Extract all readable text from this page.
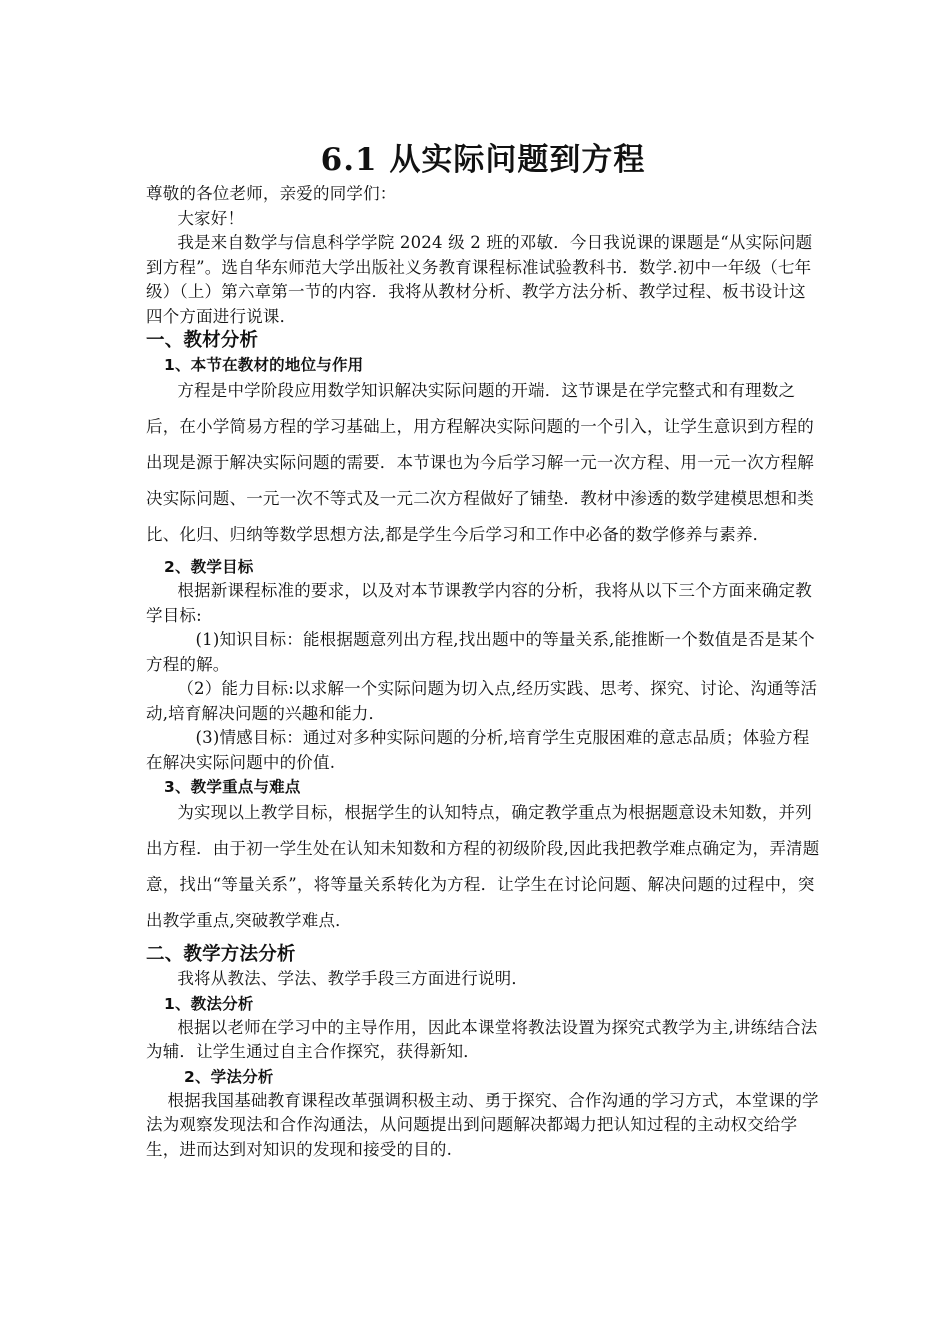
6.1 从实际问题到方程

尊敬的各位老师，亲爱的同学们：

大家好！

我是来自数学与信息科学学院 2024 级 2 班的邓敏．今日我说课的课题是“从实际问题到方程”。选自华东师范大学出版社义务教育课程标准试验教科书．数学.初中一年级（七年级）（上）第六章第一节的内容．我将从教材分析、教学方法分析、教学过程、板书设计这四个方面进行说课．

一、教材分析
1、本节在教材的地位与作用

方程是中学阶段应用数学知识解决实际问题的开端．这节课是在学完整式和有理数之后，在小学简易方程的学习基础上，用方程解决实际问题的一个引入，让学生意识到方程的出现是源于解决实际问题的需要．本节课也为今后学习解一元一次方程、用一元一次方程解决实际问题、一元一次不等式及一元二次方程做好了铺垫．教材中渗透的数学建模思想和类比、化归、归纳等数学思想方法,都是学生今后学习和工作中必备的数学修养与素养．

2、教学目标

根据新课程标准的要求，以及对本节课教学内容的分析，我将从以下三个方面来确定教学目标:

(1)知识目标：能根据题意列出方程,找出题中的等量关系,能推断一个数值是否是某个方程的解。

（2）能力目标:以求解一个实际问题为切入点,经历实践、思考、探究、讨论、沟通等活动,培育解决问题的兴趣和能力．

(3)情感目标：通过对多种实际问题的分析,培育学生克服困难的意志品质；体验方程在解决实际问题中的价值.

3、教学重点与难点

为实现以上教学目标，根据学生的认知特点，确定教学重点为根据题意设未知数，并列出方程．由于初一学生处在认知未知数和方程的初级阶段,因此我把教学难点确定为，弄清题意，找出“等量关系”，将等量关系转化为方程．让学生在讨论问题、解决问题的过程中，突出教学重点,突破教学难点．

二、教学方法分析

我将从教法、学法、教学手段三方面进行说明．

1、教法分析

根据以老师在学习中的主导作用，因此本课堂将教法设置为探究式教学为主,讲练结合法为辅．让学生通过自主合作探究，获得新知．

2、学法分析

根据我国基础教育课程改革强调积极主动、勇于探究、合作沟通的学习方式，本堂课的学法为观察发现法和合作沟通法，从问题提出到问题解决都竭力把认知过程的主动权交给学生，进而达到对知识的发现和接受的目的.
